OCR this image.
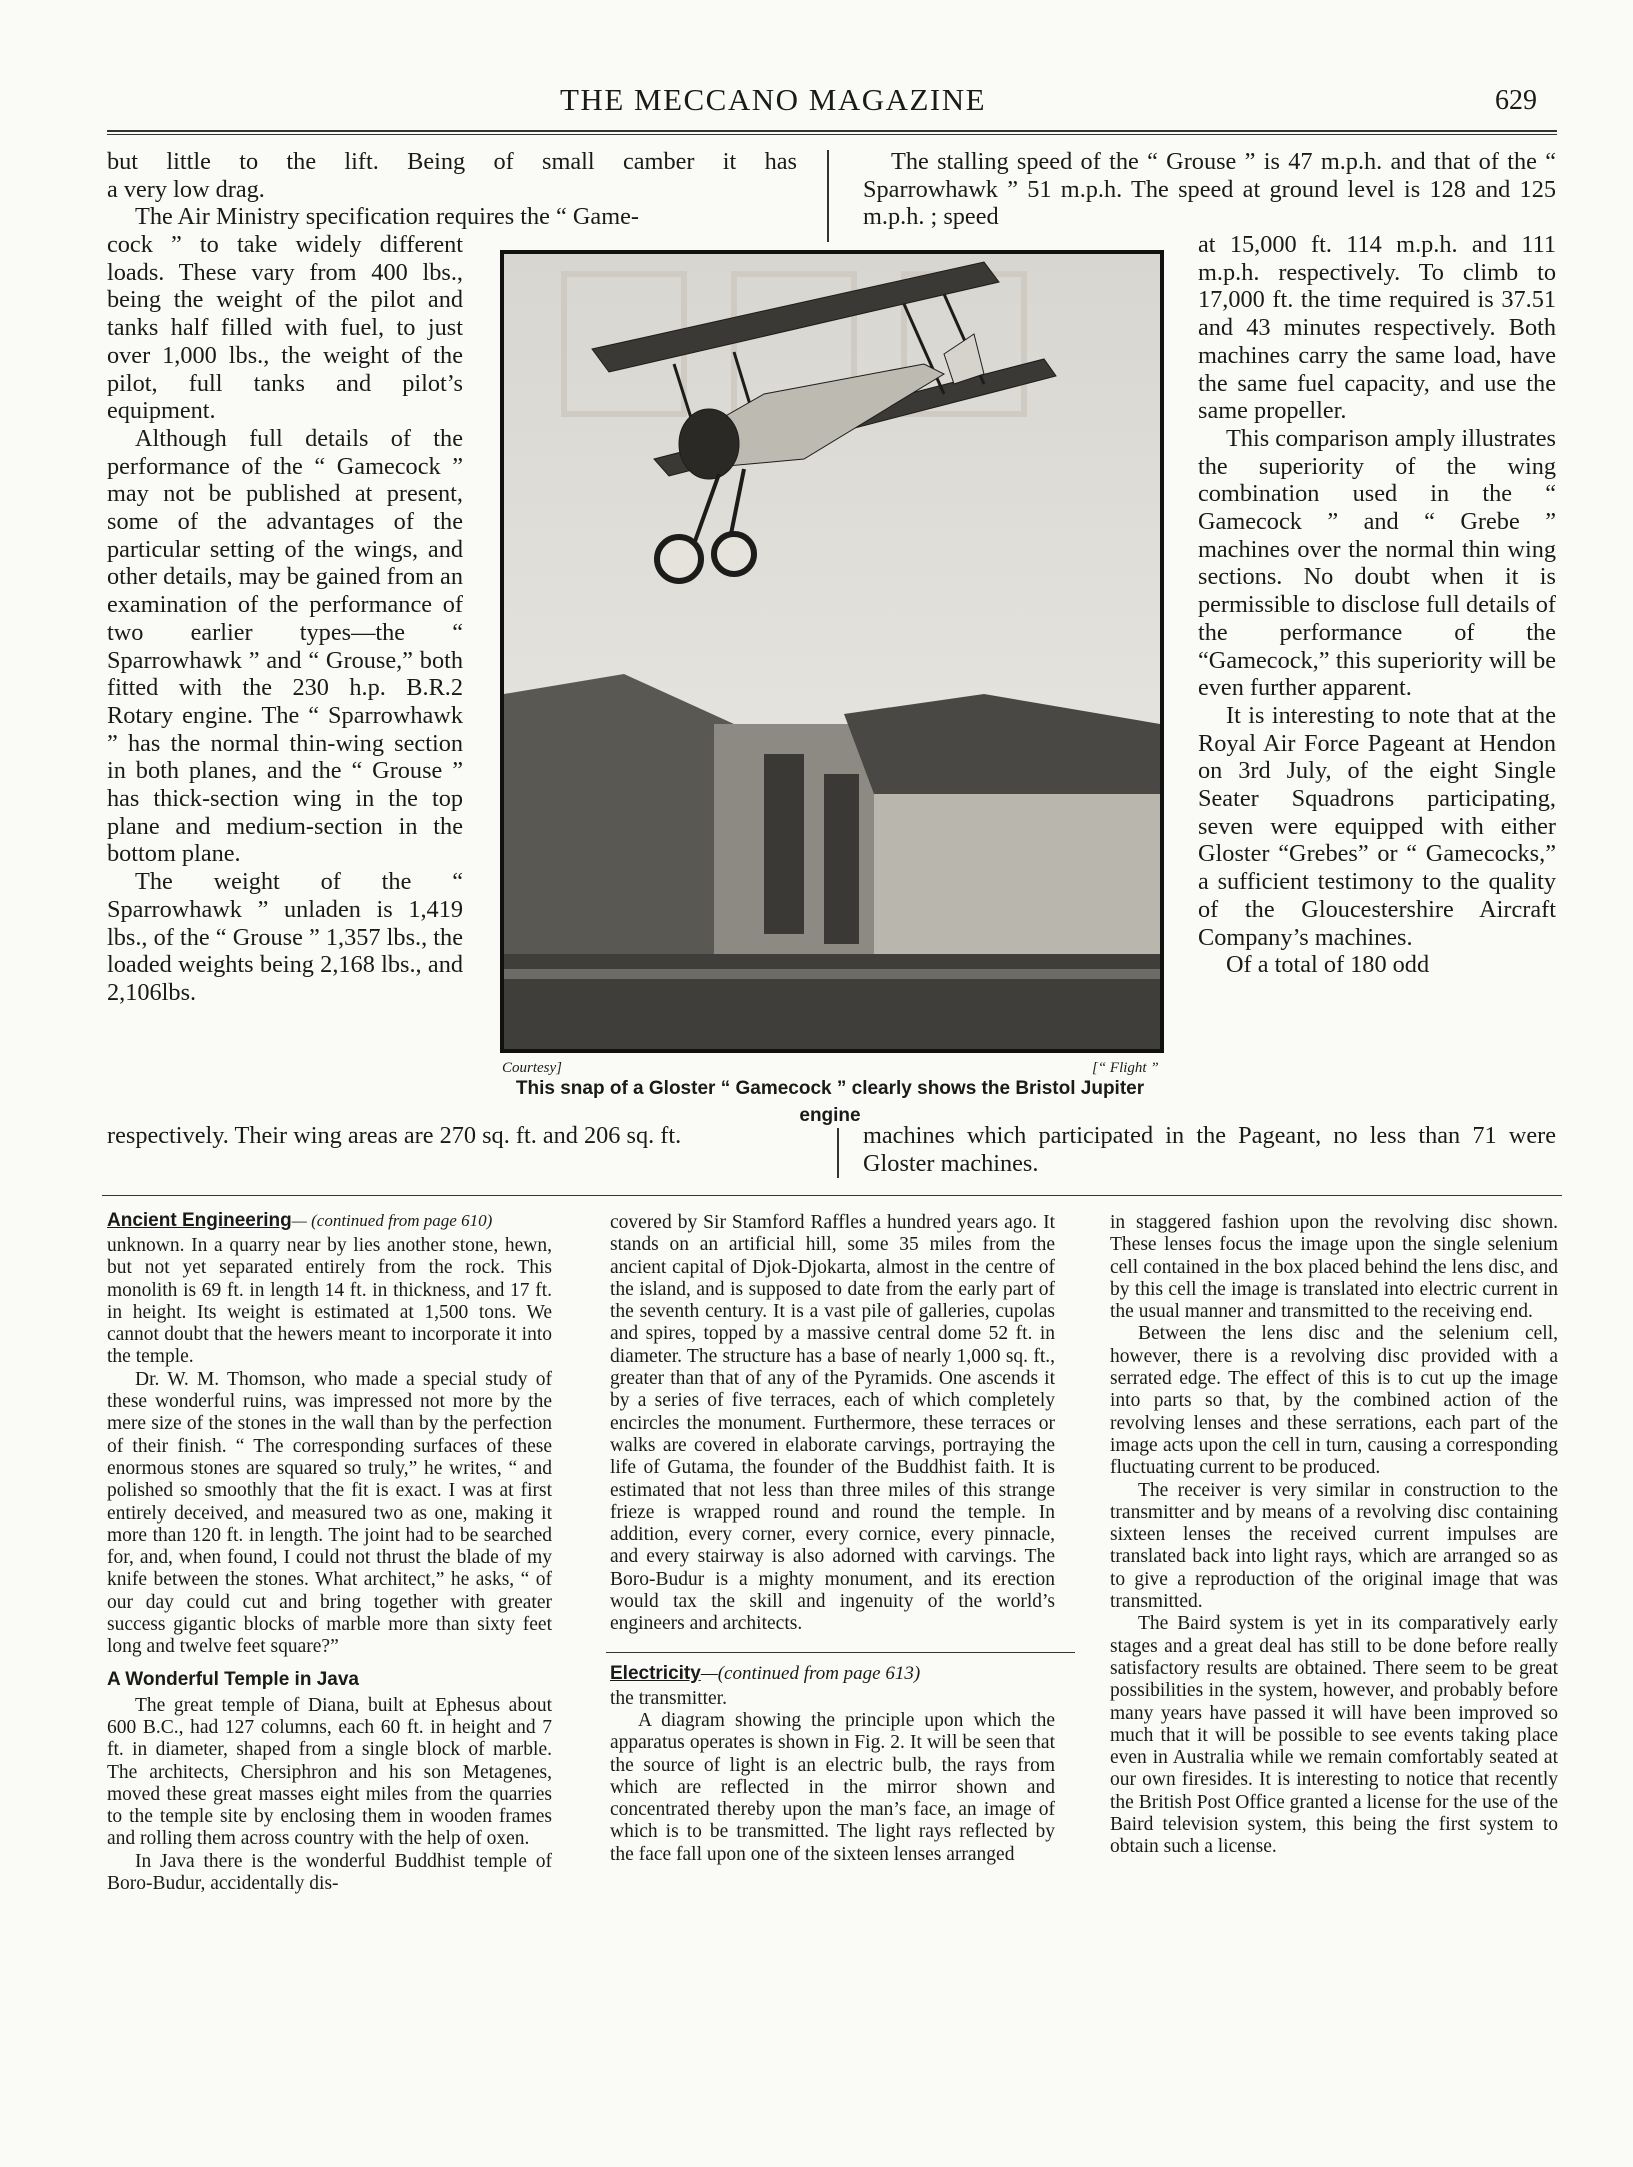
THE MECCANO MAGAZINE	629

but little to the lift. Being of small camber it has

a very low drag.

The Air Ministry specification requires the “ Game-

cock ” to take widely different loads. These vary from 400 lbs., being the weight of the pilot and tanks half filled with fuel, to just over 1,000 lbs., the weight of the pilot, full tanks and pilot’s equipment.

Although full details of the performance of the “ Gamecock ” may not be published at present, some of the advantages of the particular setting of the wings, and other details, may be gained from an examination of the performance of two earlier types—the “ Sparrowhawk ” and “ Grouse,” both fitted with the 230 h.p. B.R.2 Rotary engine. The “ Sparrowhawk ” has the normal thin-wing section in both planes, and the “ Grouse ” has thick-section wing in the top plane and medium-section in the bottom plane.

The weight of the “ Sparrowhawk ” unladen is 1,419 lbs., of the “ Grouse ” 1,357 lbs., the loaded weights being 2,168 lbs., and 2,106lbs.

respectively. Their wing areas are 270 sq. ft. and 206 sq. ft.

The stalling speed of the “ Grouse ” is 47 m.p.h. and that of the “ Sparrowhawk ” 51 m.p.h. The speed at ground level is 128 and 125 m.p.h. ; speed

at 15,000 ft. 114 m.p.h. and 111 m.p.h. respectively. To climb to 17,000 ft. the time required is 37.51 and 43 minutes respectively. Both machines carry the same load, have the same fuel capacity, and use the same propeller.

This comparison amply illustrates the superiority of the wing combination used in the “ Gamecock ” and “ Grebe ” machines over the normal thin wing sections. No doubt when it is permissible to disclose full details of the performance of the “Gamecock,” this superiority will be even further apparent.

It is interesting to note that at the Royal Air Force Pageant at Hendon on 3rd July, of the eight Single Seater Squadrons participating, seven were equipped with either Gloster “Grebes” or “ Gamecocks,” a sufficient testimony to the quality of the Gloucestershire Aircraft Company’s machines.

Of a total of 180 odd

machines which participated in the Pageant, no less than 71 were Gloster machines.

Courtesy]	[“ Flight ”
This snap of a Gloster “ Gamecock ” clearly shows the Bristol Jupiter engine
Ancient Engineering— (continued from page 610)

unknown. In a quarry near by lies another stone, hewn, but not yet separated entirely from the rock. This monolith is 69 ft. in length 14 ft. in thickness, and 17 ft. in height. Its weight is estimated at 1,500 tons. We cannot doubt that the hewers meant to incorporate it into the temple.

Dr. W. M. Thomson, who made a special study of these wonderful ruins, was impressed not more by the mere size of the stones in the wall than by the perfection of their finish. “ The corresponding surfaces of these enormous stones are squared so truly,” he writes, “ and polished so smoothly that the fit is exact. I was at first entirely deceived, and measured two as one, making it more than 120 ft. in length. The joint had to be searched for, and, when found, I could not thrust the blade of my knife between the stones. What architect,” he asks, “ of our day could cut and bring together with greater success gigantic blocks of marble more than sixty feet long and twelve feet square?”

A Wonderful Temple in Java

The great temple of Diana, built at Ephesus about 600 B.C., had 127 columns, each 60 ft. in height and 7 ft. in diameter, shaped from a single block of marble. The architects, Chersiphron and his son Metagenes, moved these great masses eight miles from the quarries to the temple site by enclosing them in wooden frames and rolling them across country with the help of oxen.

In Java there is the wonderful Buddhist temple of Boro-Budur, accidentally dis-

covered by Sir Stamford Raffles a hundred years ago. It stands on an artificial hill, some 35 miles from the ancient capital of Djok-Djokarta, almost in the centre of the island, and is supposed to date from the early part of the seventh century. It is a vast pile of galleries, cupolas and spires, topped by a massive central dome 52 ft. in diameter. The structure has a base of nearly 1,000 sq. ft., greater than that of any of the Pyramids. One ascends it by a series of five terraces, each of which completely encircles the monument. Furthermore, these terraces or walks are covered in elaborate carvings, portraying the life of Gutama, the founder of the Buddhist faith. It is estimated that not less than three miles of this strange frieze is wrapped round and round the temple. In addition, every corner, every cornice, every pinnacle, and every stairway is also adorned with carvings. The Boro-Budur is a mighty monument, and its erection would tax the skill and ingenuity of the world’s engineers and architects.

Electricity—(continued from page 613)

the transmitter.

A diagram showing the principle upon which the apparatus operates is shown in Fig. 2. It will be seen that the source of light is an electric bulb, the rays from which are reflected in the mirror shown and concentrated thereby upon the man’s face, an image of which is to be transmitted. The light rays reflected by the face fall upon one of the sixteen lenses arranged

in staggered fashion upon the revolving disc shown. These lenses focus the image upon the single selenium cell contained in the box placed behind the lens disc, and by this cell the image is translated into electric current in the usual manner and transmitted to the receiving end.

Between the lens disc and the selenium cell, however, there is a revolving disc provided with a serrated edge. The effect of this is to cut up the image into parts so that, by the combined action of the revolving lenses and these serrations, each part of the image acts upon the cell in turn, causing a corresponding fluctuating current to be produced.

The receiver is very similar in construction to the transmitter and by means of a revolving disc containing sixteen lenses the received current impulses are translated back into light rays, which are arranged so as to give a reproduction of the original image that was transmitted.

The Baird system is yet in its comparatively early stages and a great deal has still to be done before really satisfactory results are obtained. There seem to be great possibilities in the system, however, and probably before many years have passed it will have been improved so much that it will be possible to see events taking place even in Australia while we remain comfortably seated at our own firesides. It is interesting to notice that recently the British Post Office granted a license for the use of the Baird television system, this being the first system to obtain such a license.
